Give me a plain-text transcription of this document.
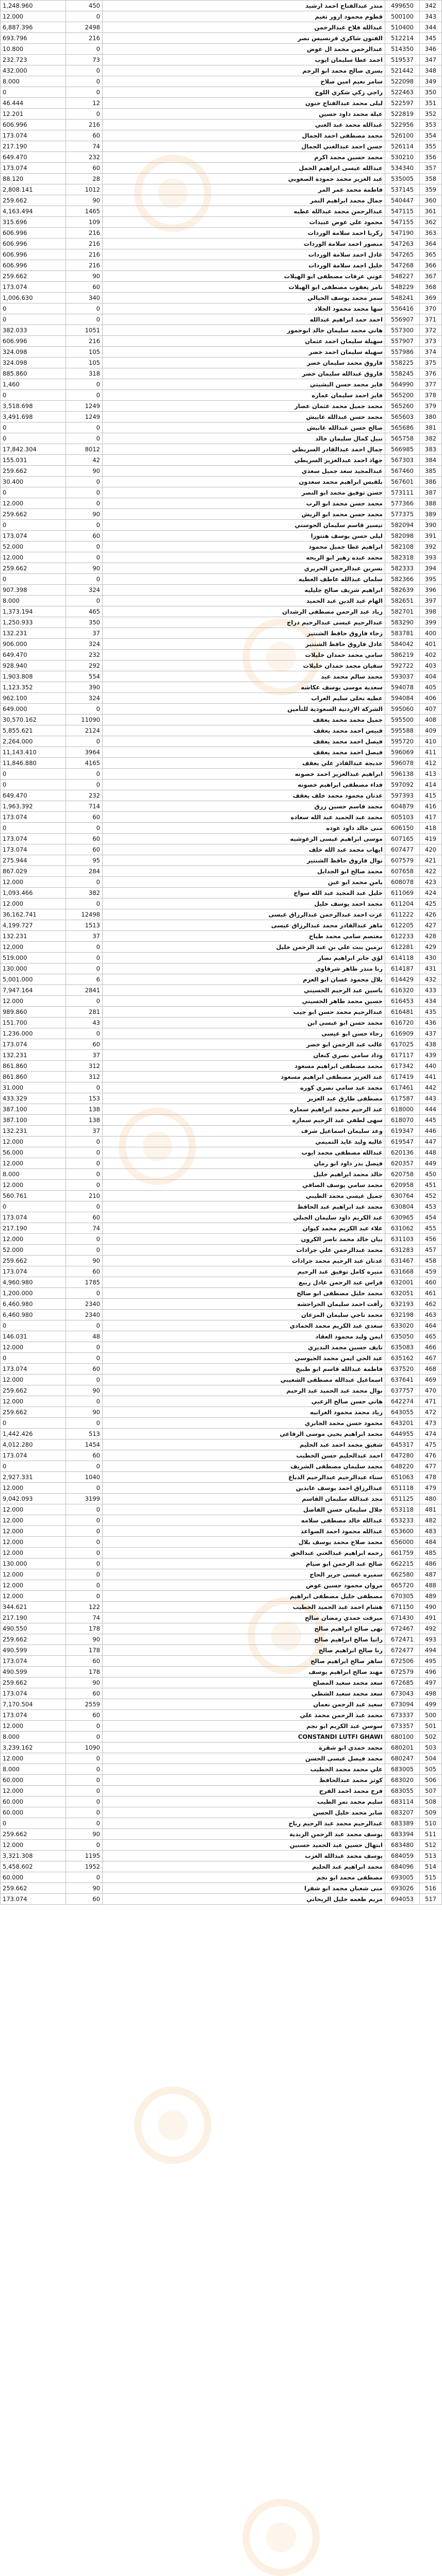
1,248.960	450	منذر عبدالفتاح احمد ارشيد	499650	342
12.000	0	قطوم محمود ازور تغيم	500100	343
6,887.396	2498	عبدالله فلاح عبدالرحمن	510400	344
693.796	216	الفتون شاكري فرنسيس نصر	512214	345
10.800	0	عبدالرحمن محمد ال عوض	514350	346
232.723	73	احمد عطا سليمان ايوب	519537	347
432.000	0	يسرى صالح محمد ابو الرجم	521442	348
8.000	0	سامر نعيم امين صلاح	522098	349
0	0	راجي زكي شكري اللوح	522463	350
46.444	12	ليلى محمد عبدالفتاح حنون	522597	351
12.201	0	عبلة محمد داود حسين	522819	352
606.996	216	عبدالله محمد عبد الغني	522956	353
173.074	60	محمد مصطفى احمد الجمال	526100	354
217.190	74	حسن احمد عبدالغني الجمال	526114	355
649.470	232	محمد حسين محمد اكرم	530210	356
173.074	60	عبدالله عيسى ابراهيم الجمل	534340	357
88.120	28	عبد العزيز محمد حمودة الصعوبي	535005	358
2,808.141	1012	فاطمة محمد عمر المر	537145	359
259.662	90	جمال محمد ابراهيم النمر	540447	360
4,163.494	1465	عبدالرحمن محمد عبدالله عطيه	547115	361
315.696	109	محمود علي عوض عبيدات	547155	362
606.996	216	زكريا احمد سلامة الوردات	547190	363
606.996	216	منصور احمد سلامة الوردات	547263	364
606.996	216	عادل احمد سلامة الوردات	547265	365
606.996	216	خليل احمد سلامة الوردات	547268	366
259.662	90	عوني عرفات مصطفى ابو الهيلات	548227	367
173.074	60	تامر يعقوب مصطفى ابو الهيلات	548229	368
1,006.630	340	سمر محمد يوسف الحيالي	548241	369
0	0	سها محمد محمود الجلاد	556416	370
0	0	احمد حمد ابراهيم عبدالله	556907	371
382.033	1051	هاني محمد سليمان خالد ابوحمور	557300	372
606.996	216	سهيلة سليمان احمد عثمان	557907	373
324.098	105	سهيله سليمان احمد خضر	557986	374
324.098	105	فاروق محمد سليمان خضر	558225	375
885.860	318	فاروق عبدالله سليمان خضر	558245	376
1,460	0	فايز محمد حسن البشيتي	564990	377
0	0	فايز احمد سليمان عماره	565200	378
3,518.698	1249	محمد جميل محمد عثمان عصار	565260	379
3,491.698	1249	محمد حسن عبدالله عابيش	565603	380
0	0	صالح حسن عبدالله عابيش	565686	381
0	0	نبيل كمال سليمان خالد	565758	382
17,842.304	8012	جمال احمد عبدالقادر السريطي	566985	383
155.031	42	جهاد احمد عبدالعزيز السريطي	567303	384
259.662	90	عبدالمجيد سعد جميل سعدي	567460	385
30.400	0	بلقيس ابراهيم محمد سعدون	567601	386
0	0	حسن توفيق محمد ابو النصر	573111	387
12.000	0	محمد حسن محمد ابو الرب	577366	388
259.662	90	محمد حسن محمد ابو الريش	577375	389
0	0	تيسير قاسم سليمان الحوسني	582094	390
173.074	60	ليلى حسن يوسف هنتوزا	582098	391
52.000	0	ابراهيم عطا جميل محمود	582108	392
12.000	0	محمد عبده زهير ابو الريحه	582318	393
259.662	90	نسرين عبدالرحمن الحريري	582333	394
0	0	سلمان عبدالله عاطف العطيه	582366	395
907.398	324	ابراهيم شريف صالح جليليه	582639	396
8.000	0	الهام عيد الدين عبد الحميد	582651	397
1,373.194	465	زياد عبد الرحمن مصطفى الرشدان	582701	398
1,250.933	350	عبدالرحيم عيسى عبدالرحيم دراج	583290	399
132.231	37	رجاء فاروق حافظ الشنتير	583781	400
906.000	324	عادل فاروق حافظ الشنتير	584042	401
649.470	232	سامي محمد حمدان خليلات	586219	402
928.940	292	سفيان محمد حمدان خليلات	592722	403
1,903.808	554	محمد سالم محمد عيد	593037	404
1,123.352	390	سعدية موسى يوسف عكاشه	594078	405
962.100	324	عطيه نخلى سليم العراب	594084	406
649.000	0	الشركة الاردنية السعودية للتأمين	595060	407
30,570.162	11090	جميل محمد محمد يعقف	595500	408
5,855.621	2124	قبيس احمد محمد يعقف	595588	409
2,264.000	0	فيصل احمد محمد يعقف	595720	410
11,143.410	3964	فيصل احمد محمد يعقف	596069	411
11,846.880	4165	خديجة عبدالقادر علي يعقف	596078	412
0	0	ابراهيم عبدالعزيز احمد خصونه	596138	413
0	0	فداء مصطفى ابراهيم خصونه	597092	414
649.470	232	عدنان محمود محمد خلف يعقف	597393	415
1,963.392	714	محمد قاسم حسين زرق	604879	416
173.074	60	محمد عبد الحميد عبد الله سعاده	605103	417
0	0	منى خالد داود عوده	606150	418
173.074	60	موسى ابراهيم عيسى الرعوشيه	607165	419
173.074	60	ايهاب محمد عبد الله خلف	607477	420
275.944	95	نوال فاروق حافظ الشنتير	607579	421
867.029	284	محمد صالح ابو الجدايل	607658	422
12.000	0	يامن محمد ابو عين	608078	423
1,093.466	382	خليل عبد المجيد عبد الله سواح	611069	424
12.000	0	محمد احمد يوسف خليل	611204	425
36,162.741	12498	عزت احمد عبدالرحمن عبدالرزاق عيسى	611222	426
4,199.727	1513	ماهر عبدالقادر محمد عبدالرزاق عيسى	612205	427
132.231	37	معتصم سامي محمد طياح	612233	428
12,000	0	نرمين بنت علي بن عبد الرحمن خليل	612281	429
519.000	0	لؤي جابر ابراهيم نصار	614118	430
130.000	0	رنا منذر طاهر شرقاوي	614187	431
5,001.000	6	بلال محمود غسان ابو العزم	614429	432
7,947.164	2841	ياسين عبد الرحيم الحسيني	616320	433
12.000	0	حسين محمد طاهر الحسيني	616453	434
989.860	281	عبدالرحيم محمد حسن ابو جيب	616481	435
151.700	43	محمد حسن ابو عيسى ابن	616720	436
1,236.000	0	رجاء حسن ابو عيسى	616909	437
173.074	60	غالب عبد الرحمن ابو خضر	617025	438
132.231	37	وداد سامي نصري كنعان	617117	439
861.860	312	محمد مصطفى ابراهيم مسعود	617342	440
861.860	312	عبد العزيز مصطفى ابراهيم مسعود	617419	441
31.000	0	محمد عيد سامي نصري كوره	617461	442
433.329	153	مصطفى طارق عبد العزيز	617587	443
387.100	138	عبد الرحيم محمد ابراهيم سماره	618000	444
387.100	138	سهى لطفي عبد الرحيم سماره	618070	445
132.231	37	وعد سليمان اسماعيل شرف	619347	446
12.000	0	غاليه وليد عايد التميمي	619547	447
56.000	0	عبدالله مصطفى محمد ايوب	620136	448
12.000	0	فيصل بدر داود ابو رمان	620357	449
8.000	0	خالد محمد ابراهيم خليل	620758	450
12.000	0	محمد سامي يوسف الصافي	620958	451
560.761	210	جميل عيسى محمد الطيبي	630764	452
0	0	محمد عيد ابراهيم عبد الحافظ	630804	453
173.074	60	عبد الكريم داود سليمان الجبلي	630965	454
217.190	74	علاء عبد الكريم محمد كيوان	631062	455
12.000	0	بيان خالد محمد ناصر الكرون	631103	456
52.000	0	محمد عبدالرحمن علي جرادات	631283	457
259.662	90	عدنان عبد الرحيم محمد جرادات	631467	458
173.074	60	منيره كامل توفيق عبد الرحيم	631668	459
4,960.980	1785	فراس عبد الرحمن عادل ربيع	632001	460
1,200.000	0	محمد خليل مصطفى ابو صالح	632051	461
6,460.980	2340	رأفت احمد سليمان الحراحشه	632193	462
6,460.980	2340	محمد ناجي سليمان المرعان	632198	463
0	0	سعدي عبد الكريم محمد الحمادي	633020	464
146.031	48	ايمن وليد محمود العقاد	635050	465
12.000	0	نايف حسين محمد البديري	635083	466
0	0	عبد الحي ايمن محمد الجيوسي	635162	467
173.074	60	فاطمة عبدالله قاسم ابو طبيخ	637520	468
12.000	0	اسماعيل عبدالله مصطفى الشعيبي	637641	469
259.662	90	نوال محمد عبد الحميد عبد الرحيم	637757	470
12.000	0	هاني حسن صالح الزعبي	642274	471
259.662	90	زياد محمد محمود الغرابيه	643055	472
0	0	محمود حسن محمد الجابري	643201	473
1,442.426	513	محمد ابراهيم يحيى موسى الرفاعي	644955	474
4,012.280	1454	شفيق محمد احمد عبد الحليم	645317	475
173.074	60	احمد عبدالحليم حسن الخطيب	647280	476
0	0	محمد سليمان مصطفى الشريف	648220	477
2,927.331	1040	سناء عبدالرحيم عبدالرحيم الدباغ	651063	478
12.000	0	عبدالرزاق احمد يوسف عابدين	651118	479
9,042.093	3199	مجد عبدالله سليمان القاسم	651125	480
12.000	0	جلال سليمان حسن الفاضل	653118	481
12.000	0	عبدالله خالد مصطفى سلامه	653233	482
12.000	0	عبدالله محمود احمد الصواعد	653600	483
12.000	0	محمد صلاح محمد يوسف بلال	656000	484
12.000	0	رحمه ابراهيم عبدالغني عبدالحق	661759	485
130.000	0	صالح عبد الرحمن ابو صيام	662215	486
12.000	0	سميره عيسى جرير الحاج	662580	487
12.000	0	مروان محمود حسين عوض	665720	488
12.000	0	مصطفى خليل مصطفى ابراهيم	670305	489
344.621	122	هشام احمد عبد الحميد الخطيب	671150	490
217.190	74	ميرفت حمدي رمضان صالح	671430	491
490.550	178	نهى صالح ابراهيم صالح	672467	492
259.662	90	رانيا صالح ابراهيم صالح	672471	493
490.599	178	رنا صالح ابراهيم صالح	672477	494
173.074	60	ساهر صالح ابراهيم صالح	672506	495
490.599	178	مهند صالح ابراهيم يوسف	672579	496
259.662	90	سعد محمد سعيد المصلح	672685	497
173.074	60	سعد محمد سعيد الشطي	673043	498
7,170.504	2559	سعيد عبد الرحمن نعمان	673094	499
173.074	60	محمد عبد الرحمن محمد علي	673337	500
12.000	0	سوسن عبد الكريم ابو نجم	673357	501
8.000	0	CONSTANDI LUTFI GHAWI	680100	502
3,239.162	1090	محمد حمدي ابو شقرة	680201	503
12.000	0	محمد فيصل عيسى الحسن	680247	504
8.000	0	علي محمد محمد الخطيب	683005	505
60.000	0	كوثر محمد عبدالحافظ	683020	506
12.000	0	فرج محمد احمد الفرح	683055	507
60.000	0	سليم محمد نمر الطيب	683114	508
60.000	0	صابر محمد خليل الحسن	683207	509
0	0	عبدالرحيم محمد عبد الرحيم رباح	683389	510
259.662	90	يوسف محمد عبد الرحمن الزبدية	683394	511
12.000	0	ابتهال حسين عبد الحميد حسنين	683480	512
3,321.308	1195	يوسف محمد عبدالله العزب	684059	513
5,458.602	1952	محمد ابراهيم عبد الحليم	684096	514
60.000	0	مصطفى محمد ابو نجم	693005	515
259.662	90	منى شعبان محمد ابو شقرا	693026	516
173.074	60	مريم طعمه خليل الريحاني	694053	517
